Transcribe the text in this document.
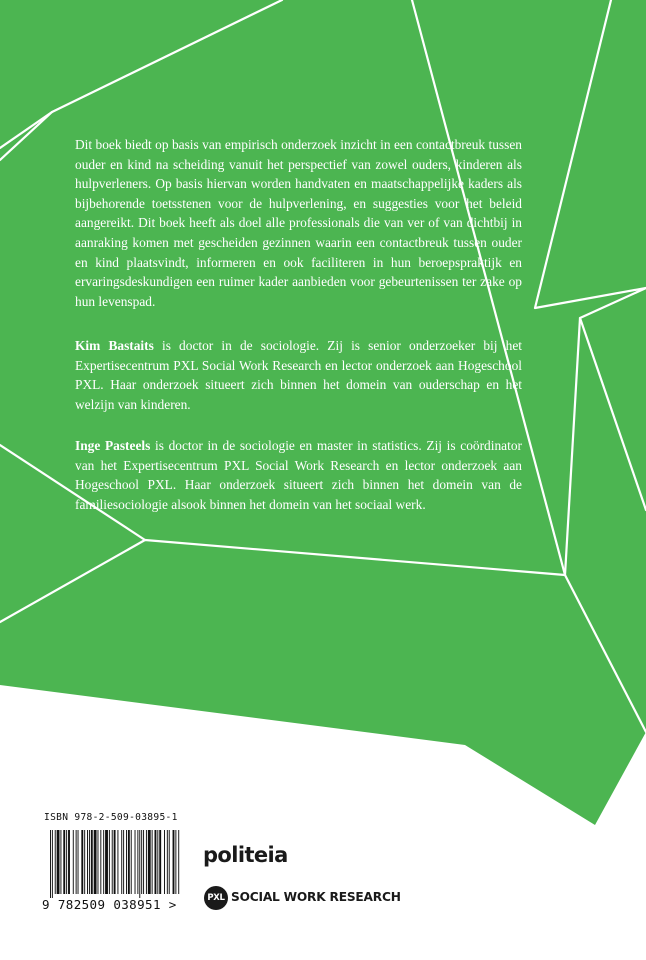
Dit boek biedt op basis van empirisch onderzoek inzicht in een contactbreuk tussen ouder en kind na scheiding vanuit het perspectief van zowel ouders, kinderen als hulpverleners. Op basis hiervan worden handvaten en maatschappelijke kaders als bijbehorende toetsstenen voor de hulpverlening, en suggesties voor het beleid aangereikt. Dit boek heeft als doel alle professionals die van ver of van dichtbij in aanraking komen met gescheiden gezinnen waarin een contactbreuk tussen ouder en kind plaatsvindt, informeren en ook faciliteren in hun beroepspraktijk en ervaringsdeskundigen een ruimer kader aanbieden voor gebeurtenissen ter zake op hun levenspad.

Kim Bastaits is doctor in de sociologie. Zij is senior onderzoeker bij het Expertisecentrum PXL Social Work Research en lector onderzoek aan Hogeschool PXL. Haar onderzoek situeert zich binnen het domein van ouderschap en het welzijn van kinderen.

Inge Pasteels is doctor in de sociologie en master in statistics. Zij is coördinator van het Expertisecentrum PXL Social Work Research en lector onderzoek aan Hogeschool PXL. Haar onderzoek situeert zich binnen het domein van de familiesociologie alsook binnen het domein van het sociaal werk.

ISBN 978-2-509-03895-1
9 782509 038951 >
politeia
PXL SOCIAL WORK RESEARCH
